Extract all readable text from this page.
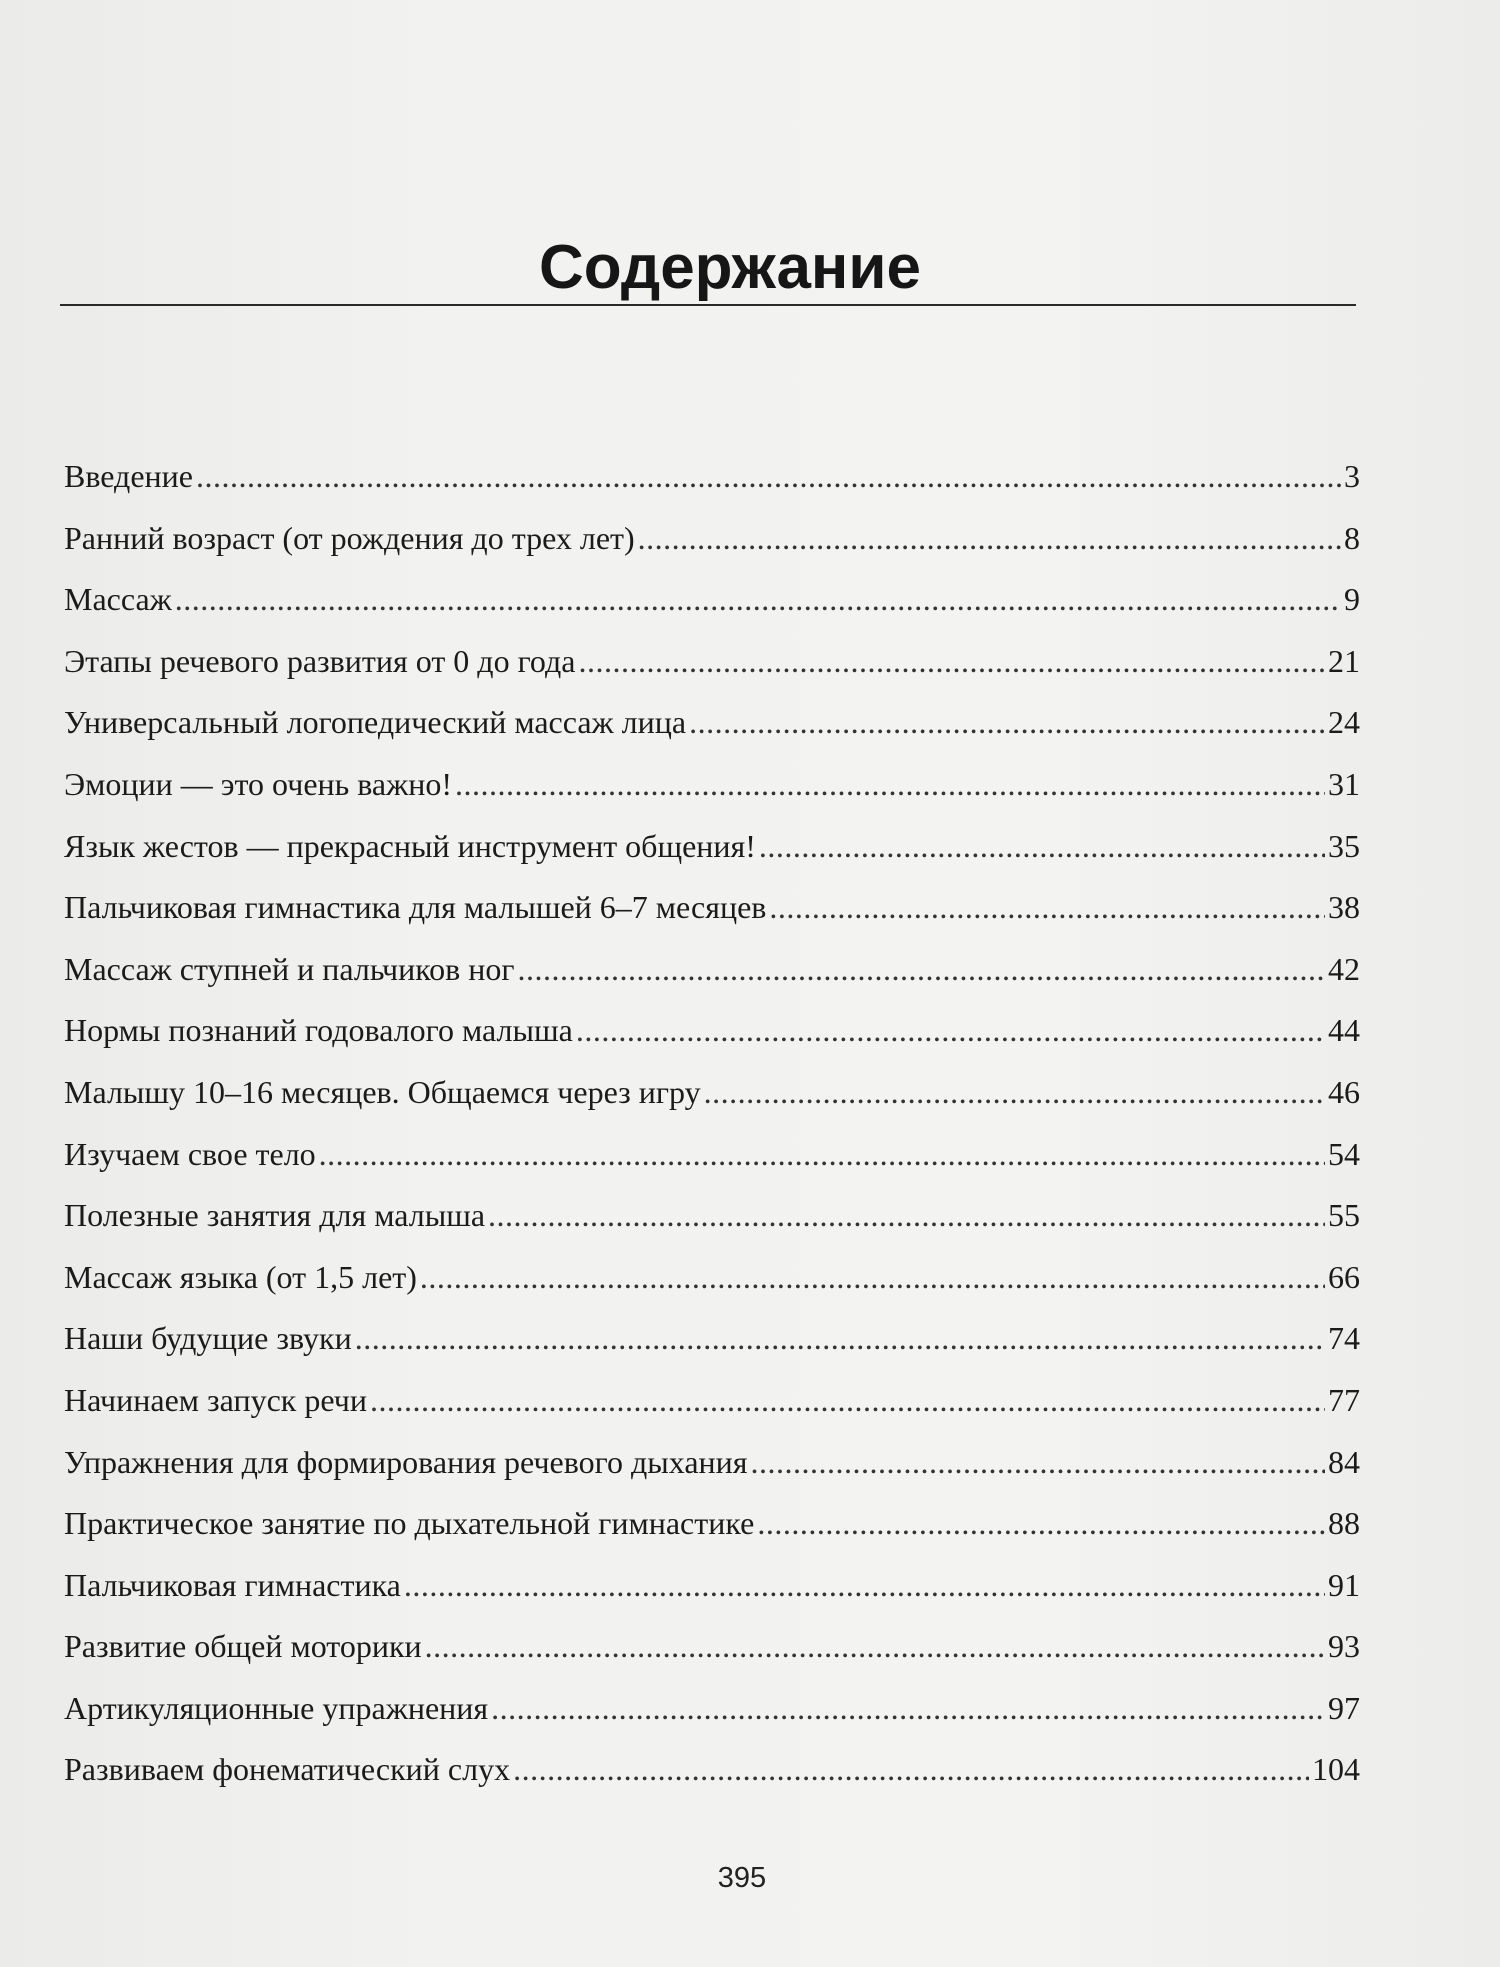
Содержание
Введение .....	3
Ранний возраст (от рождения до трех лет) .....	8
Массаж .....	9
Этапы речевого развития от 0 до года .....	21
Универсальный логопедический массаж лица .....	24
Эмоции — это очень важно! .....	31
Язык жестов — прекрасный инструмент общения! .....	35
Пальчиковая гимнастика для малышей 6–7 месяцев .....	38
Массаж ступней и пальчиков ног .....	42
Нормы познаний годовалого малыша .....	44
Малышу 10–16 месяцев. Общаемся через игру .....	46
Изучаем свое тело .....	54
Полезные занятия для малыша .....	55
Массаж языка (от 1,5 лет) .....	66
Наши будущие звуки .....	74
Начинаем запуск речи .....	77
Упражнения для формирования речевого дыхания .....	84
Практическое занятие по дыхательной гимнастике .....	88
Пальчиковая гимнастика .....	91
Развитие общей моторики .....	93
Артикуляционные упражнения .....	97
Развиваем фонематический слух .....	104
395
